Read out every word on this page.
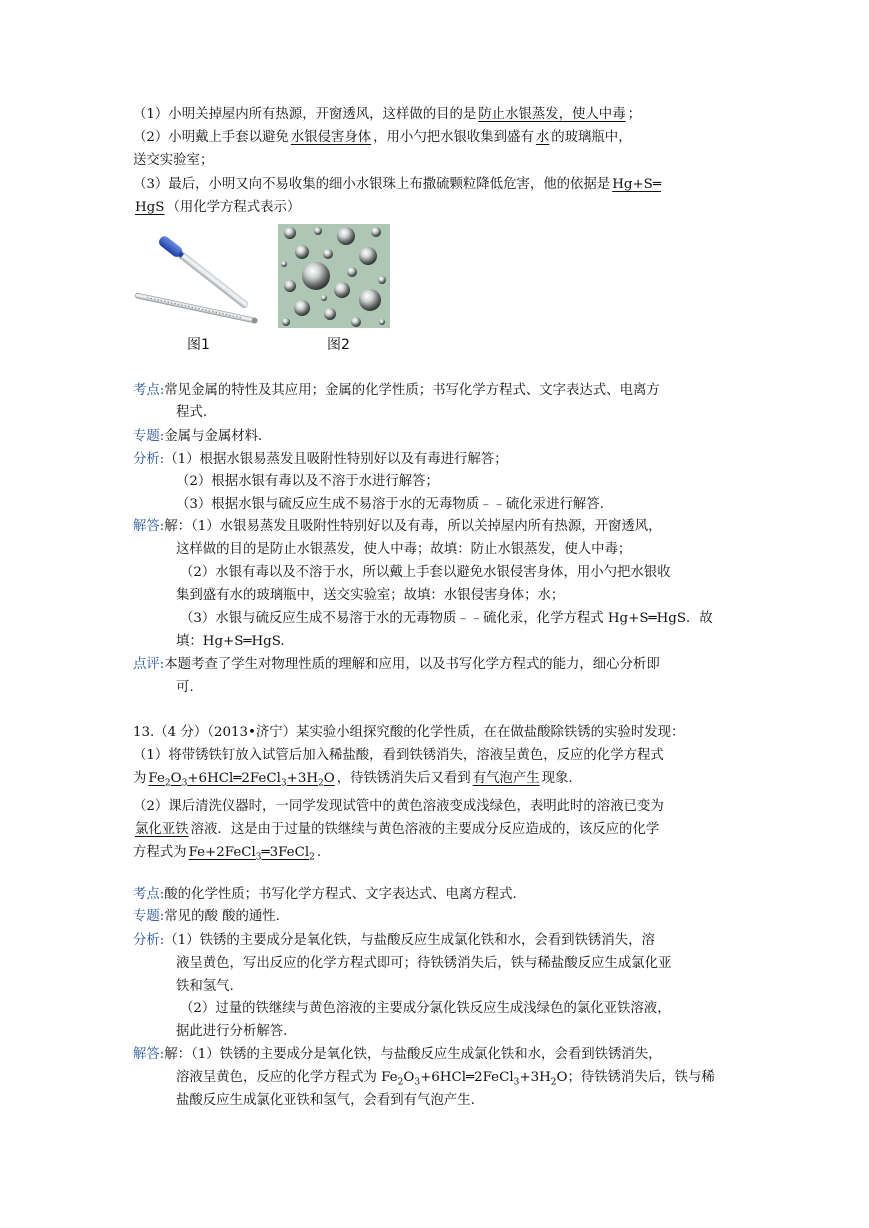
（1）小明关掉屋内所有热源，开窗透风，这样做的目的是 防止水银蒸发，使人中毒 ；
（2）小明戴上手套以避免 水银侵害身体 ，用小勺把水银收集到盛有 水 的玻璃瓶中，
送交实验室；
（3）最后，小明又向不易收集的细小水银珠上布撒硫颗粒降低危害，他的依据是 Hg+S═
HgS （用化学方程式表示）
图1	图2
考点:常见金属的特性及其应用；金属的化学性质；书写化学方程式、文字表达式、电离方
程式.
专题:金属与金属材料.
分析:（1）根据水银易蒸发且吸附性特别好以及有毒进行解答；
（2）根据水银有毒以及不溶于水进行解答；
（3）根据水银与硫反应生成不易溶于水的无毒物质﹣﹣硫化汞进行解答.
解答:解：（1）水银易蒸发且吸附性特别好以及有毒，所以关掉屋内所有热源，开窗透风，
这样做的目的是防止水银蒸发，使人中毒；故填：防止水银蒸发，使人中毒；
（2）水银有毒以及不溶于水，所以戴上手套以避免水银侵害身体，用小勺把水银收
集到盛有水的玻璃瓶中，送交实验室；故填：水银侵害身体；水；
（3）水银与硫反应生成不易溶于水的无毒物质﹣﹣硫化汞，化学方程式 Hg+S═HgS．故
填：Hg+S═HgS.
点评:本题考查了学生对物理性质的理解和应用，以及书写化学方程式的能力，细心分析即
可.
13.（4 分）（2013•济宁）某实验小组探究酸的化学性质，在在做盐酸除铁锈的实验时发现：
（1）将带锈铁钉放入试管后加入稀盐酸，看到铁锈消失，溶液呈黄色，反应的化学方程式
为 $Fe_2O_3+6HCl═2FeCl_3+3H_2O$ ，待铁锈消失后又看到 有气泡产生 现象.
（2）课后清洗仪器时，一同学发现试管中的黄色溶液变成浅绿色，表明此时的溶液已变为
氯化亚铁 溶液．这是由于过量的铁继续与黄色溶液的主要成分反应造成的，该反应的化学
方程式为 Fe+2FeCl$_3$═3FeCl$_2$ .
考点:酸的化学性质；书写化学方程式、文字表达式、电离方程式.
专题:常见的酸 酸的通性.
分析:（1）铁锈的主要成分是氧化铁，与盐酸反应生成氯化铁和水，会看到铁锈消失，溶
液呈黄色，写出反应的化学方程式即可；待铁锈消失后，铁与稀盐酸反应生成氯化亚
铁和氢气.
（2）过量的铁继续与黄色溶液的主要成分氯化铁反应生成浅绿色的氯化亚铁溶液，
据此进行分析解答.
解答:解：（1）铁锈的主要成分是氧化铁，与盐酸反应生成氯化铁和水，会看到铁锈消失，
溶液呈黄色，反应的化学方程式为 $Fe_2O_3+6HCl═2FeCl_3+3H_2O$；待铁锈消失后，铁与稀
盐酸反应生成氯化亚铁和氢气，会看到有气泡产生.
